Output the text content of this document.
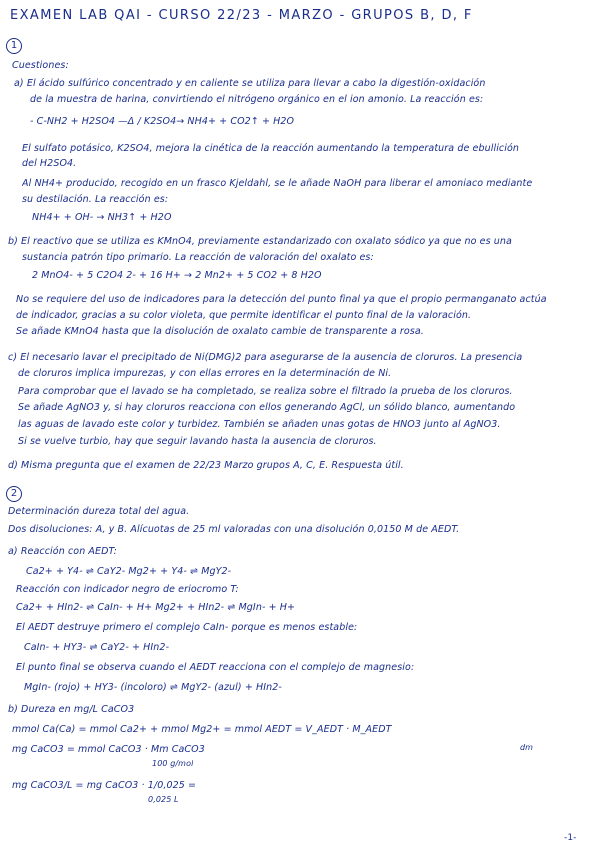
EXAMEN LAB QAI - CURSO 22/23 - MARZO - GRUPOS B, D, F
1
Cuestiones:
a) El ácido sulfúrico concentrado y en caliente se utiliza para llevar a cabo la digestión-oxidación
de la muestra de harina, convirtiendo el nitrógeno orgánico en el ion amonio. La reacción es:
- C-NH2 + H2SO4 —Δ / K2SO4→ NH4+ + CO2↑ + H2O
El sulfato potásico, K2SO4, mejora la cinética de la reacción aumentando la temperatura de ebullición
del H2SO4.
Al NH4+ producido, recogido en un frasco Kjeldahl, se le añade NaOH para liberar el amoniaco mediante
su destilación. La reacción es:
NH4+ + OH- → NH3↑ + H2O
b) El reactivo que se utiliza es KMnO4, previamente estandarizado con oxalato sódico ya que no es una
sustancia patrón tipo primario. La reacción de valoración del oxalato es:
2 MnO4- + 5 C2O4 2- + 16 H+ → 2 Mn2+ + 5 CO2 + 8 H2O
No se requiere del uso de indicadores para la detección del punto final ya que el propio permanganato actúa
de indicador, gracias a su color violeta, que permite identificar el punto final de la valoración.
Se añade KMnO4 hasta que la disolución de oxalato cambie de transparente a rosa.
c) El necesario lavar el precipitado de Ni(DMG)2 para asegurarse de la ausencia de cloruros. La presencia
de cloruros implica impurezas, y con ellas errores en la determinación de Ni.
Para comprobar que el lavado se ha completado, se realiza sobre el filtrado la prueba de los cloruros.
Se añade AgNO3 y, si hay cloruros reacciona con ellos generando AgCl, un sólido blanco, aumentando
las aguas de lavado este color y turbidez. También se añaden unas gotas de HNO3 junto al AgNO3.
Si se vuelve turbio, hay que seguir lavando hasta la ausencia de cloruros.
d) Misma pregunta que el examen de 22/23 Marzo grupos A, C, E. Respuesta útil.
2
Determinación dureza total del agua.
Dos disoluciones: A, y B. Alícuotas de 25 ml valoradas con una disolución 0,0150 M de AEDT.
a) Reacción con AEDT:
Ca2+ + Y4- ⇌ CaY2- Mg2+ + Y4- ⇌ MgY2-
Reacción con indicador negro de eriocromo T:
Ca2+ + HIn2- ⇌ CaIn- + H+ Mg2+ + HIn2- ⇌ MgIn- + H+
El AEDT destruye primero el complejo CaIn- porque es menos estable:
CaIn- + HY3- ⇌ CaY2- + HIn2-
El punto final se observa cuando el AEDT reacciona con el complejo de magnesio:
MgIn- (rojo) + HY3- (incoloro) ⇌ MgY2- (azul) + HIn2-
b) Dureza en mg/L CaCO3
mmol Ca(Ca) = mmol Ca2+ + mmol Mg2+ = mmol AEDT = V_AEDT · M_AEDT
mg CaCO3 = mmol CaCO3 · Mm CaCO3
100 g/mol
dm
mg CaCO3/L = mg CaCO3 · 1/0,025 =
0,025 L
-1-
